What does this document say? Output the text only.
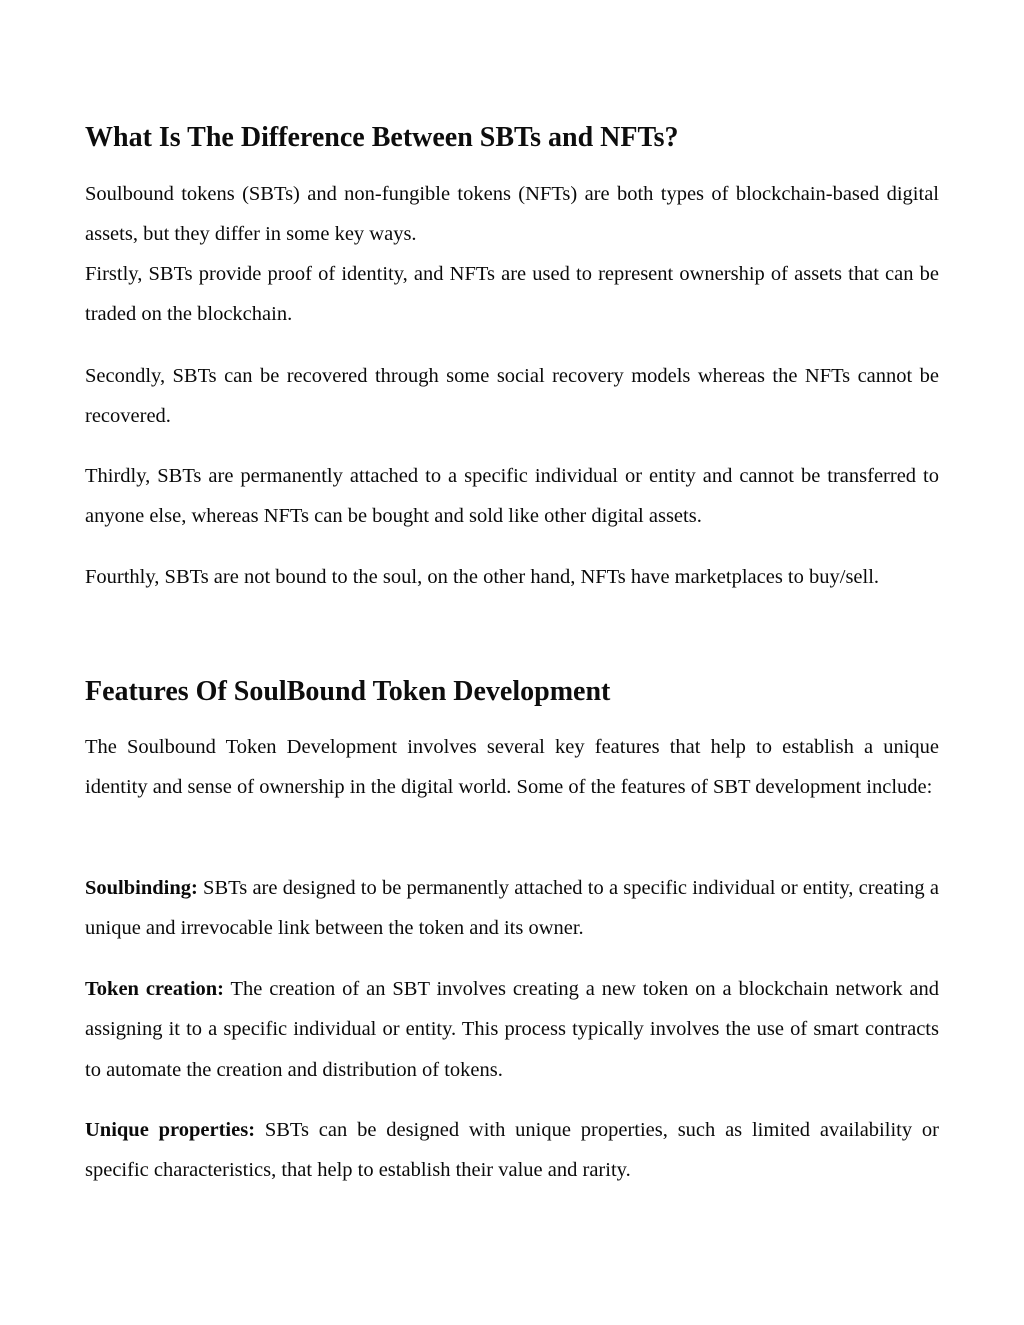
What Is The Difference Between SBTs and NFTs?

Soulbound tokens (SBTs) and non-fungible tokens (NFTs) are both types of blockchain-based digital assets, but they differ in some key ways.

Firstly, SBTs provide proof of identity, and NFTs are used to represent ownership of assets that can be traded on the blockchain.

Secondly, SBTs can be recovered through some social recovery models whereas the NFTs cannot be recovered.

Thirdly, SBTs are permanently attached to a specific individual or entity and cannot be transferred to anyone else, whereas NFTs can be bought and sold like other digital assets.

Fourthly, SBTs are not bound to the soul, on the other hand, NFTs have marketplaces to buy/sell.

Features Of SoulBound Token Development

The Soulbound Token Development involves several key features that help to establish a unique identity and sense of ownership in the digital world. Some of the features of SBT development include:

Soulbinding: SBTs are designed to be permanently attached to a specific individual or entity, creating a unique and irrevocable link between the token and its owner.

Token creation: The creation of an SBT involves creating a new token on a blockchain network and assigning it to a specific individual or entity. This process typically involves the use of smart contracts to automate the creation and distribution of tokens.

Unique properties: SBTs can be designed with unique properties, such as limited availability or specific characteristics, that help to establish their value and rarity.
